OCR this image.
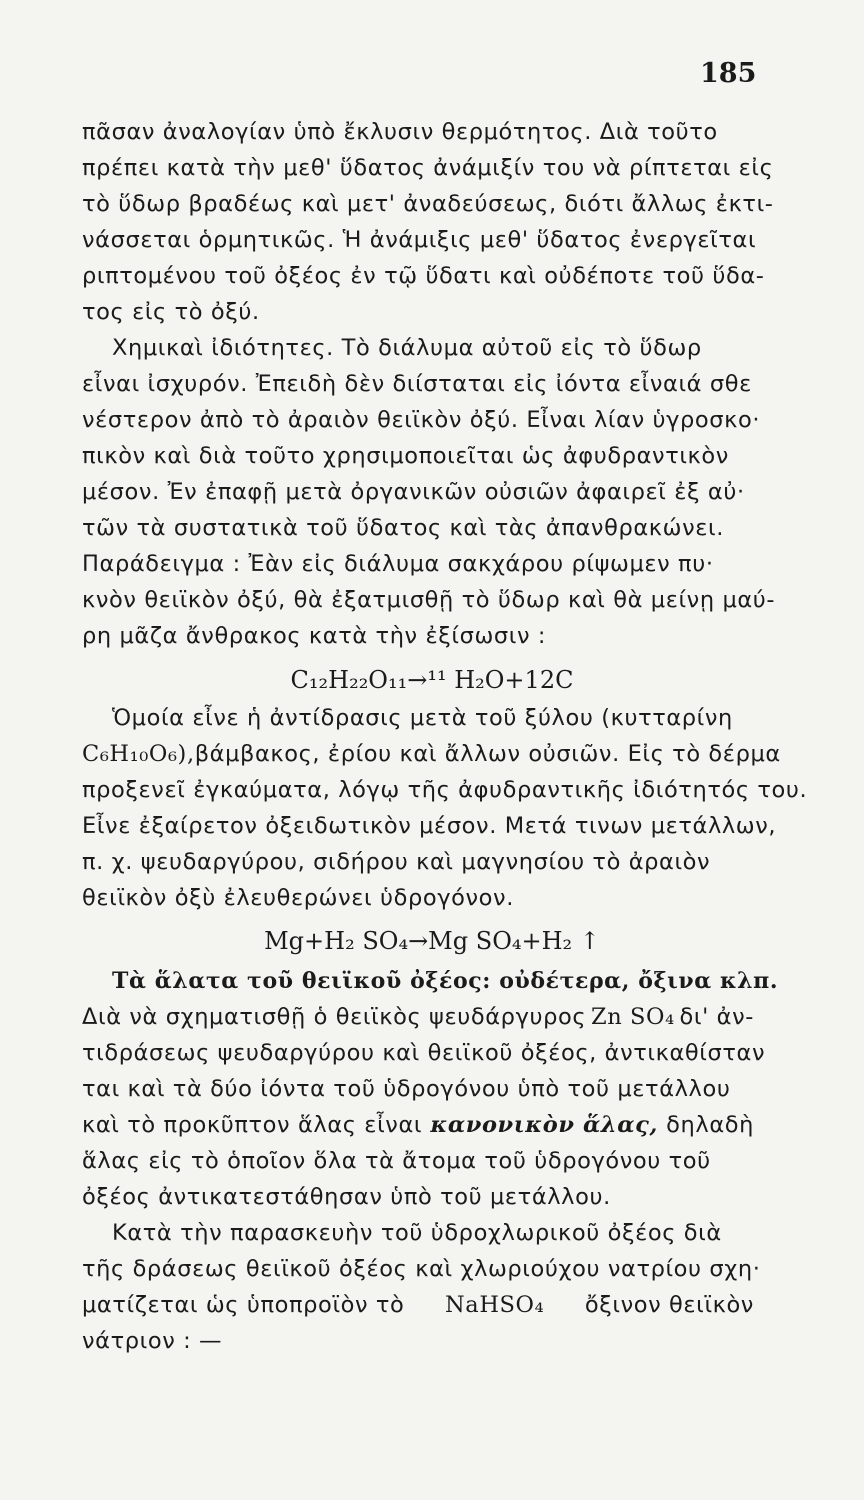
185
πᾶσαν ἀναλογίαν ὑπὸ ἔκλυσιν θερμότητος. Διὰ τοῦτο
πρέπει κατὰ τὴν μεθ' ὕδατος ἀνάμιξίν του νὰ ρίπτεται εἰς
τὸ ὕδωρ βραδέως καὶ μετ' ἀναδεύσεως, διότι ἄλλως ἐκτι-
νάσσεται ὁρμητικῶς. Ἡ ἀνάμιξις μεθ' ὕδατος ἐνεργεῖται
ριπτομένου τοῦ ὀξέος ἐν τῷ ὕδατι καὶ οὐδέποτε τοῦ ὕδα-
τος εἰς τὸ ὀξύ.
Χημικαὶ ἰδιότητες. Τὸ διάλυμα αὐτοῦ εἰς τὸ ὕδωρ
εἶναι ἰσχυρόν. Ἐπειδὴ δὲν διίσταται εἰς ἰόντα εἶναιά σθε
νέστερον ἀπὸ τὸ ἀραιὸν θειϊκὸν ὀξύ. Εἶναι λίαν ὑγροσκο·
πικὸν καὶ διὰ τοῦτο χρησιμοποιεῖται ὡς ἀφυδραντικὸν
μέσον. Ἐν ἐπαφῇ μετὰ ὀργανικῶν οὐσιῶν ἀφαιρεῖ ἐξ αὐ·
τῶν τὰ συστατικὰ τοῦ ὕδατος καὶ τὰς ἀπανθρακώνει.
Παράδειγμα : Ἐὰν εἰς διάλυμα σακχάρου ρίψωμεν πυ·
κνὸν θειϊκὸν ὀξύ, θὰ ἐξατμισθῇ τὸ ὕδωρ καὶ θὰ μείνῃ μαύ-
ρη μᾶζα ἄνθρακος κατὰ τὴν ἐξίσωσιν :
C₁₂H₂₂O₁₁→¹¹ H₂O+12C
Ὁμοία εἶνε ἡ ἀντίδρασις μετὰ τοῦ ξύλου (κυτταρίνη
C₆H₁₀O₆), βάμβακος, ἐρίου καὶ ἄλλων οὐσιῶν. Εἰς τὸ δέρμα
προξενεῖ ἐγκαύματα, λόγῳ τῆς ἀφυδραντικῆς ἰδιότητός του.
Εἶνε ἐξαίρετον ὀξειδωτικὸν μέσον. Μετά τινων μετάλλων,
π. χ. ψευδαργύρου, σιδήρου καὶ μαγνησίου τὸ ἀραιὸν
θειϊκὸν ὀξὺ ἐλευθερώνει ὑδρογόνον.
Mg+H₂ SO₄→Mg SO₄+H₂ ↑
Τὰ ἅλατα τοῦ θειϊκοῦ ὀξέος: οὐδέτερα, ὄξινα κλπ.
Διὰ νὰ σχηματισθῇ ὁ θειϊκὸς ψευδάργυρος Zn SO₄ δι' ἀν-
τιδράσεως ψευδαργύρου καὶ θειϊκοῦ ὀξέος, ἀντικαθίσταν
ται καὶ τὰ δύο ἰόντα τοῦ ὑδρογόνου ὑπὸ τοῦ μετάλλου
καὶ τὸ προκῦπτον ἅλας εἶναι κανονικὸν ἅλας, δηλαδὴ
ἅλας εἰς τὸ ὁποῖον ὅλα τὰ ἄτομα τοῦ ὑδρογόνου τοῦ
ὀξέος ἀντικατεστάθησαν ὑπὸ τοῦ μετάλλου.
Κατὰ τὴν παρασκευὴν τοῦ ὑδροχλωρικοῦ ὀξέος διὰ
τῆς δράσεως θειϊκοῦ ὀξέος καὶ χλωριούχου νατρίου σχη·
ματίζεται ὡς ὑποπροϊὸν τὸ NaHSO₄ ὄξινον θειϊκὸν
νάτριον : —
